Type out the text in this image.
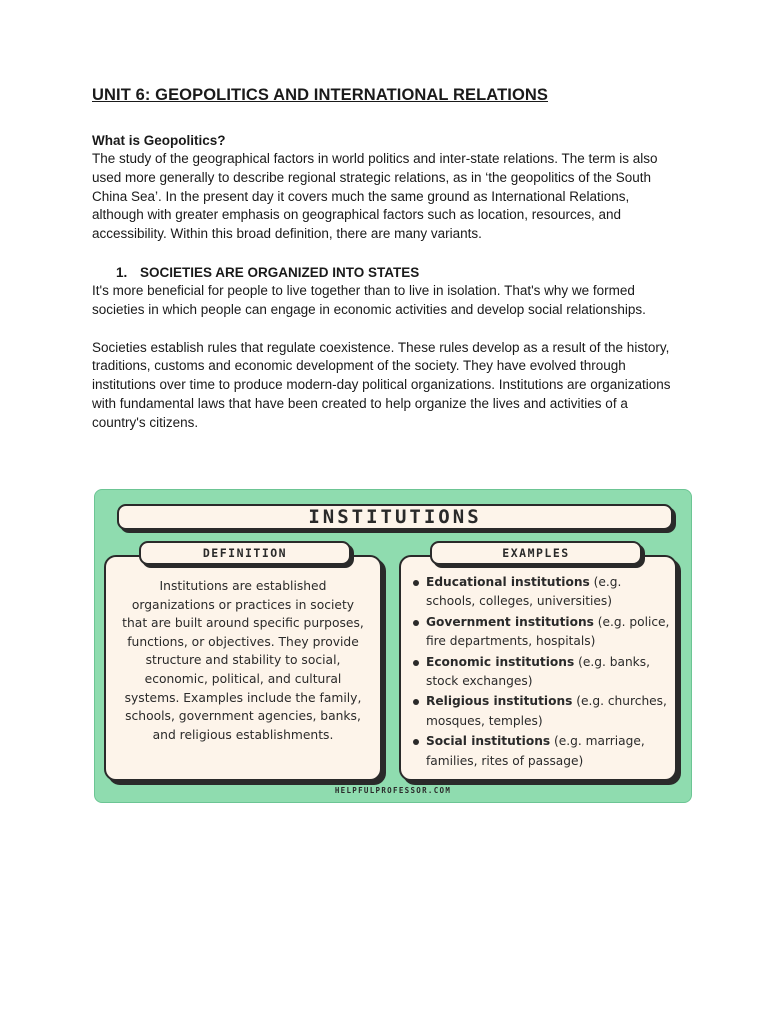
UNIT 6: GEOPOLITICS AND INTERNATIONAL RELATIONS
What is Geopolitics?

The study of the geographical factors in world politics and inter-state relations. The term is also used more generally to describe regional strategic relations, as in ‘the geopolitics of the South China Sea’. In the present day it covers much the same ground as International Relations, although with greater emphasis on geographical factors such as location, resources, and accessibility. Within this broad definition, there are many variants.

1. SOCIETIES ARE ORGANIZED INTO STATES

It's more beneficial for people to live together than to live in isolation. That's why we formed societies in which people can engage in economic activities and develop social relationships.

Societies establish rules that regulate coexistence. These rules develop as a result of the history, traditions, customs and economic development of the society. They have evolved through institutions over time to produce modern-day political organizations. Institutions are organizations with fundamental laws that have been created to help organize the lives and activities of a country's citizens.

INSTITUTIONS
Institutions are established organizations or practices in society that are built around specific purposes, functions, or objectives. They provide structure and stability to social, economic, political, and cultural systems. Examples include the family, schools, government agencies, banks, and religious establishments.
DEFINITION
Educational institutions (e.g. schools, colleges, universities)
Government institutions (e.g. police, fire departments, hospitals)
Economic institutions (e.g. banks, stock exchanges)
Religious institutions (e.g. churches, mosques, temples)
Social institutions (e.g. marriage, families, rites of passage)
EXAMPLES
HELPFULPROFESSOR.COM
